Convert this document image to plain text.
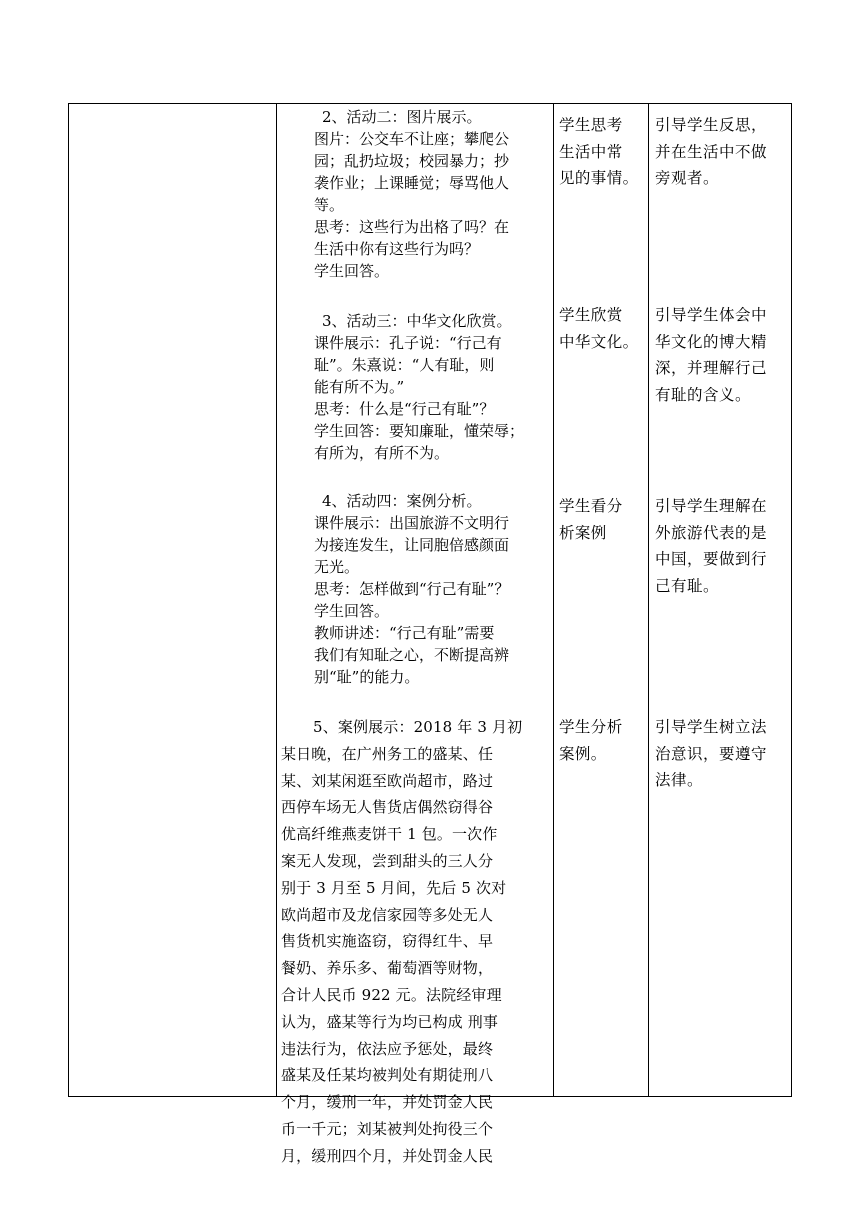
2、活动二：图片展示。
图片：公交车不让座；攀爬公
园；乱扔垃圾；校园暴力；抄
袭作业；上课睡觉；辱骂他人
等。
思考：这些行为出格了吗？在
生活中你有这些行为吗？
学生回答。
学生思考
生活中常
见的事情。
引导学生反思，
并在生活中不做
旁观者。
3、活动三：中华文化欣赏。
课件展示：孔子说：“行己有
耻”。朱熹说：“人有耻，则
能有所不为。”
思考：什么是“行己有耻”？
学生回答：要知廉耻，懂荣辱；
有所为，有所不为。
学生欣赏
中华文化。
引导学生体会中
华文化的博大精
深，并理解行己
有耻的含义。
4、活动四：案例分析。
课件展示：出国旅游不文明行
为接连发生，让同胞倍感颜面
无光。
思考：怎样做到“行己有耻”？
学生回答。
教师讲述：“行己有耻”需要
我们有知耻之心，不断提高辨
别“耻”的能力。
学生看分
析案例
引导学生理解在
外旅游代表的是
中国，要做到行
己有耻。
5、案例展示：2018 年 3 月初
某日晚，在广州务工的盛某、任
某、刘某闲逛至欧尚超市，路过
西停车场无人售货店偶然窃得谷
优高纤维燕麦饼干 1 包。一次作
案无人发现，尝到甜头的三人分
别于 3 月至 5 月间，先后 5 次对
欧尚超市及龙信家园等多处无人
售货机实施盗窃，窃得红牛、早
餐奶、养乐多、葡萄酒等财物，
合计人民币 922 元。法院经审理
认为，盛某等行为均已构成 刑事
违法行为，依法应予惩处，最终
盛某及任某均被判处有期徒刑八
个月，缓刑一年，并处罚金人民
币一千元；刘某被判处拘役三个
月，缓刑四个月，并处罚金人民
学生分析
案例。
引导学生树立法
治意识，要遵守
法律。
